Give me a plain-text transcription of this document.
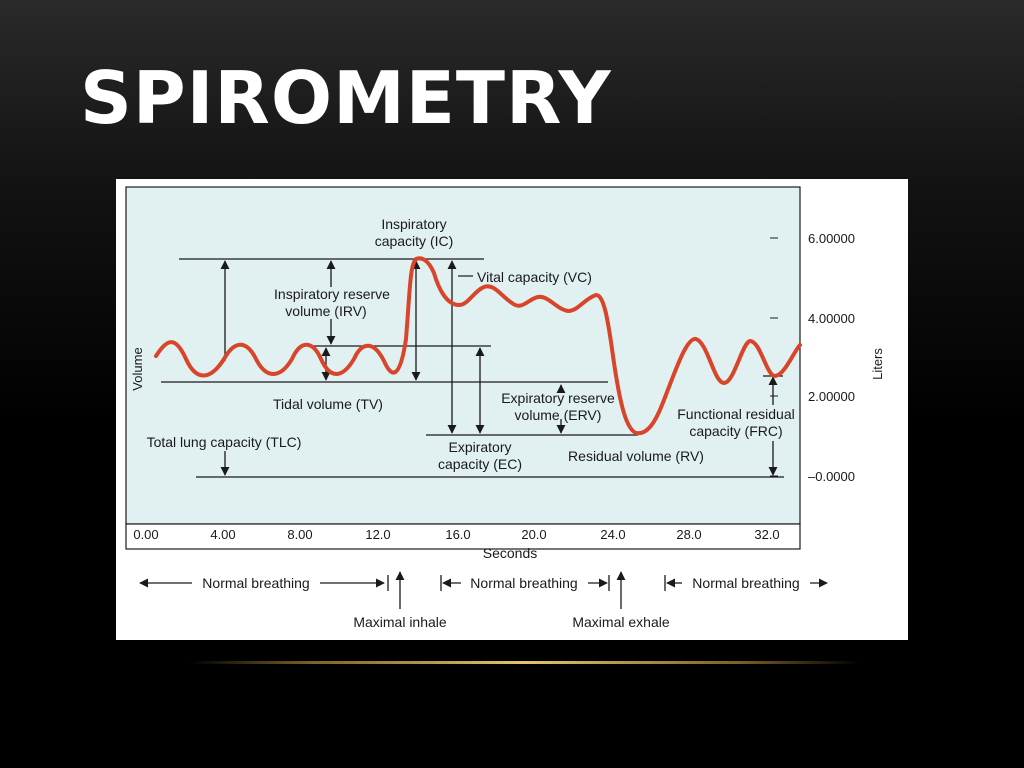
SPIROMETRY
Volume	Liters
6.00000
4.00000
2.00000
–0.0000
0.00	4.00	8.00	12.0	16.0	20.0	24.0	28.0	32.0
Seconds
Inspiratory
capacity (IC)
Vital capacity (VC)
Inspiratory reserve
volume (IRV)
Tidal volume (TV)
Total lung capacity (TLC)
Expiratory reserve
volume (ERV)
Expiratory
capacity (EC)	Residual volume (RV)
Functional residual
capacity (FRC)
Normal breathing	Normal breathing	Normal breathing
Maximal inhale	Maximal exhale
